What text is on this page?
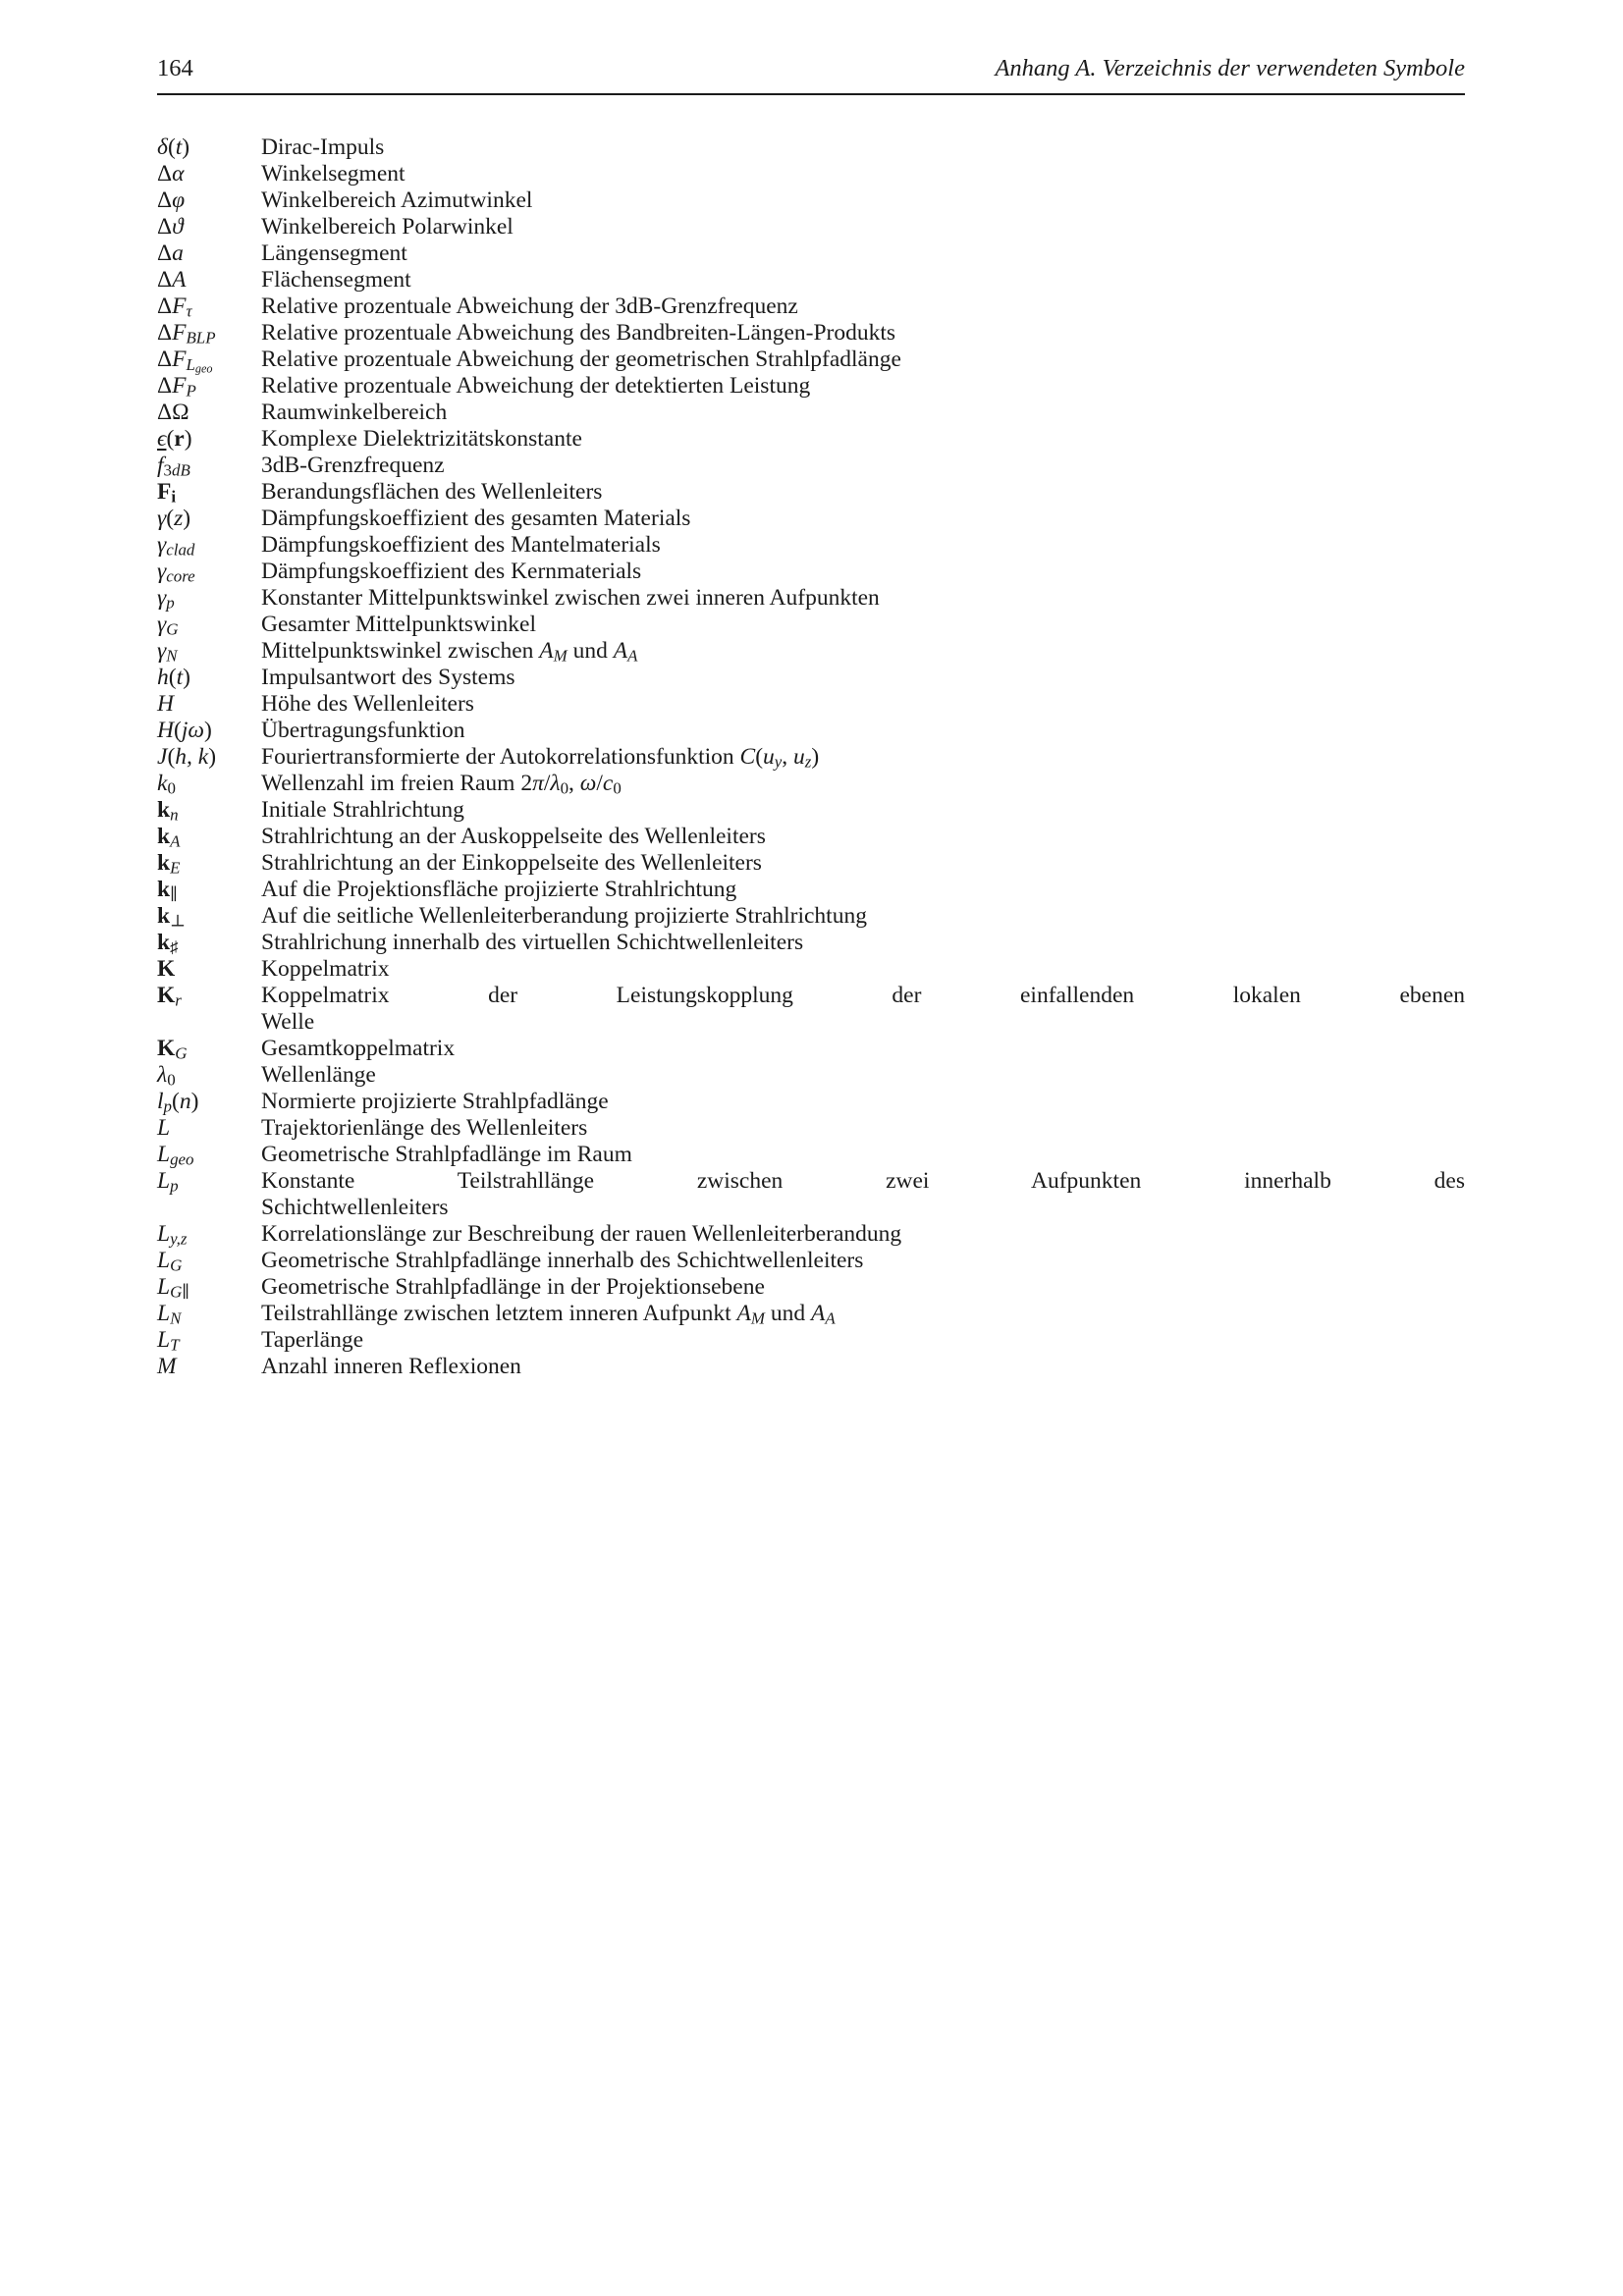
164	Anhang A. Verzeichnis der verwendeten Symbole
δ(t)	Dirac-Impuls
Δα	Winkelsegment
Δφ	Winkelbereich Azimutwinkel
Δϑ	Winkelbereich Polarwinkel
Δa	Längensegment
ΔA	Flächensegment
$\Delta F_\tau$	Relative prozentuale Abweichung der 3dB-Grenzfrequenz
$\Delta F_{BLP}$	Relative prozentuale Abweichung des Bandbreiten-Längen-Produkts
$\Delta F_{L_{geo}}$	Relative prozentuale Abweichung der geometrischen Strahlpfadlänge
$\Delta F_P$	Relative prozentuale Abweichung der detektierten Leistung
ΔΩ	Raumwinkelbereich
ϵ(r)	Komplexe Dielektrizitätskonstante
$f_{3dB}$	3dB-Grenzfrequenz
$F_i$	Berandungsflächen des Wellenleiters
γ(z)	Dämpfungskoeffizient des gesamten Materials
$\gamma_{clad}$	Dämpfungskoeffizient des Mantelmaterials
$\gamma_{core}$	Dämpfungskoeffizient des Kernmaterials
$\gamma_p$	Konstanter Mittelpunktswinkel zwischen zwei inneren Aufpunkten
$\gamma_G$	Gesamter Mittelpunktswinkel
$\gamma_N$	Mittelpunktswinkel zwischen $A_M$ und $A_A$
h(t)	Impulsantwort des Systems
H	Höhe des Wellenleiters
H(jω)	Übertragungsfunktion
J(h, k)	Fouriertransformierte der Autokorrelationsfunktion $C(u_y$, $u_z$)
$k_0$	Wellenzahl im freien Raum $2\pi/\lambda_0$, $\omega/c_0$
$k_n$	Initiale Strahlrichtung
$k_A$	Strahlrichtung an der Auskoppelseite des Wellenleiters
$k_E$	Strahlrichtung an der Einkoppelseite des Wellenleiters
$k_\parallel$	Auf die Projektionsfläche projizierte Strahlrichtung
$k_\perp$	Auf die seitliche Wellenleiterberandung projizierte Strahlrichtung
$k_♯$	Strahlrichung innerhalb des virtuellen Schichtwellenleiters
K	Koppelmatrix
$K_r$	Koppelmatrix der Leistungskopplung der einfallenden lokalen ebenen
Welle
$K_G$	Gesamtkoppelmatrix
$\lambda_0$	Wellenlänge
$l_p(n)$	Normierte projizierte Strahlpfadlänge
L	Trajektorienlänge des Wellenleiters
$L_{geo}$	Geometrische Strahlpfadlänge im Raum
$L_p$	Konstante Teilstrahllänge zwischen zwei Aufpunkten innerhalb des
Schichtwellenleiters
$L_{y,z}$	Korrelationslänge zur Beschreibung der rauen Wellenleiterberandung
$L_G$	Geometrische Strahlpfadlänge innerhalb des Schichtwellenleiters
$L_{G\parallel}$	Geometrische Strahlpfadlänge in der Projektionsebene
$L_N$	Teilstrahllänge zwischen letztem inneren Aufpunkt $A_M$ und $A_A$
$L_T$	Taperlänge
M	Anzahl inneren Reflexionen
